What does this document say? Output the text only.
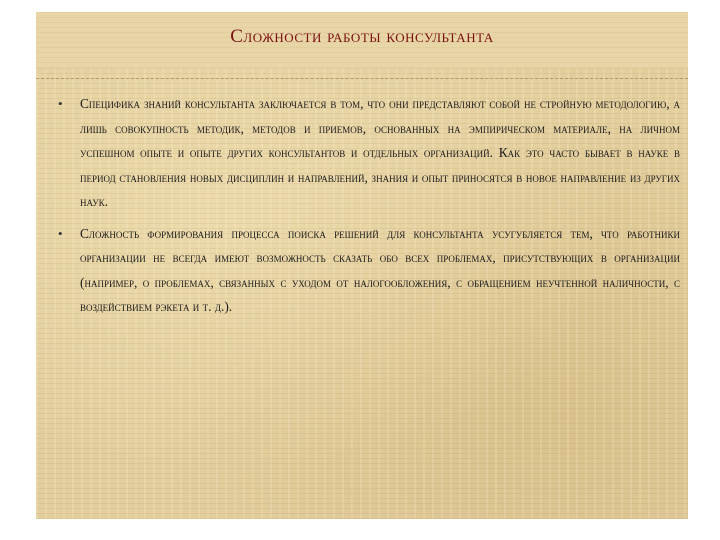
Сложности работы консультанта

• Специфика знаний консультанта заключается в том, что они представляют собой не стройную методологию, а лишь совокупность методик, методов и приемов, основанных на эмпирическом материале, на личном успешном опыте и опыте других консультантов и отдельных организаций. Как это часто бывает в науке в период становления новых дисциплин и направлений, знания и опыт приносятся в новое направление из других наук.

• Сложность формирования процесса поиска решений для консультанта усугубляется тем, что работники организации не всегда имеют возможность сказать обо всех проблемах, присутствующих в организации (например, о проблемах, связанных с уходом от налогообложения, с обращением неучтенной наличности, с воздействием рэкета и т. д.).
